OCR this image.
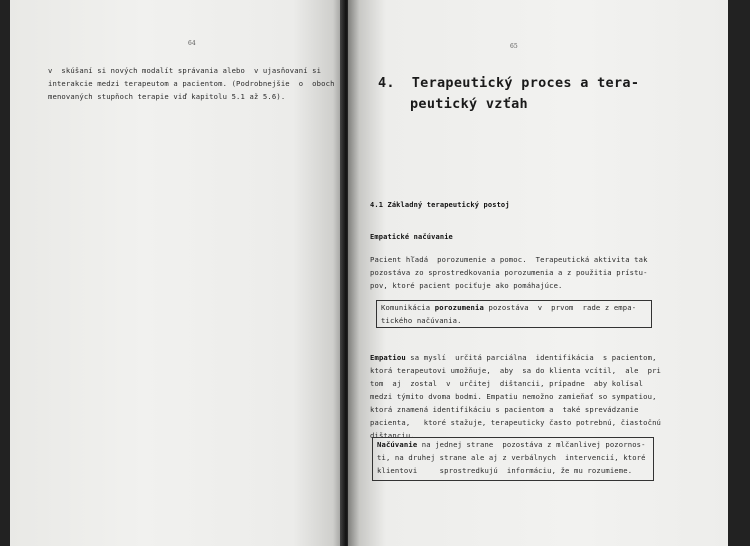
64

v  skúšaní si nových modalít správania alebo  v ujasňovaní si

interakcie medzi terapeutom a pacientom. (Podrobnejšie  o  oboch

menovaných stupňoch terapie viď kapitolu 5.1 až 5.6).

65

4.  Terapeutický proces a tera-

peutický vzťah

4.1 Základný terapeutický postoj

Empatické načúvanie

Pacient hľadá  porozumenie a pomoc.  Terapeutická aktivita tak

pozostáva zo sprostredkovania porozumenia a z použitia prístu-

pov, ktoré pacient pociťuje ako pomáhajúce.

Komunikácia porozumenia pozostáva  v  prvom  rade z empa-

tického načúvania.

Empatiou sa myslí  určitá parciálna  identifikácia  s pacientom,

ktorá terapeutovi umožňuje,  aby  sa do klienta vcítil,  ale  pri

tom  aj  zostal  v  určitej  dištancii, prípadne  aby kolísal

medzi týmito dvoma bodmi. Empatiu nemožno zamieňať so sympatiou,

ktorá znamená identifikáciu s pacientom a  také sprevádzanie

pacienta,   ktoré stažuje, terapeuticky často potrebnú, čiastočnú

dištanciu.

Načúvanie na jednej strane  pozostáva z mlčanlivej pozornos-

ti, na druhej strane ale aj z verbálnych  intervencií, ktoré

klientovi     sprostredkujú  informáciu, že mu rozumieme.
